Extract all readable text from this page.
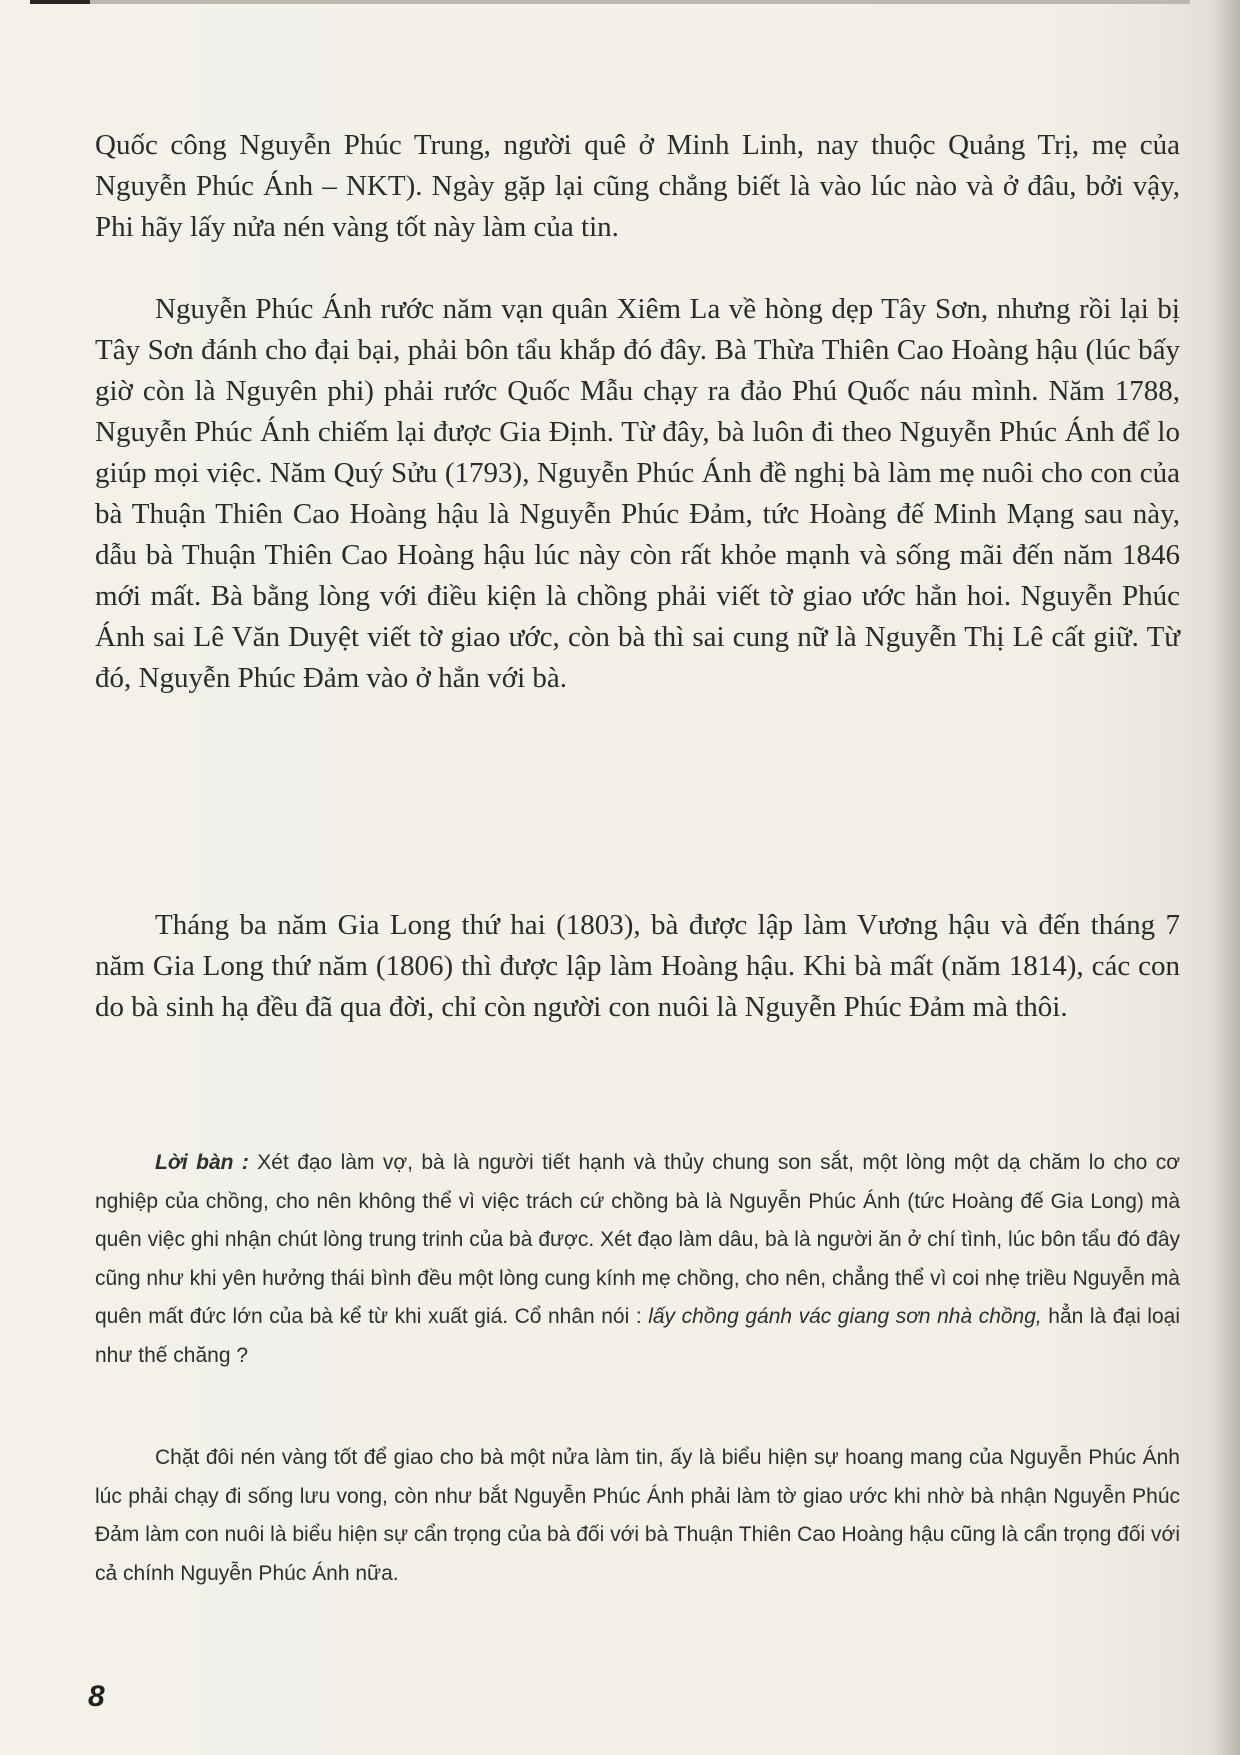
Quốc công Nguyễn Phúc Trung, người quê ở Minh Linh, nay thuộc Quảng Trị, mẹ của Nguyễn Phúc Ánh – NKT). Ngày gặp lại cũng chẳng biết là vào lúc nào và ở đâu, bởi vậy, Phi hãy lấy nửa nén vàng tốt này làm của tin.

Nguyễn Phúc Ánh rước năm vạn quân Xiêm La về hòng dẹp Tây Sơn, nhưng rồi lại bị Tây Sơn đánh cho đại bại, phải bôn tẩu khắp đó đây. Bà Thừa Thiên Cao Hoàng hậu (lúc bấy giờ còn là Nguyên phi) phải rước Quốc Mẫu chạy ra đảo Phú Quốc náu mình. Năm 1788, Nguyễn Phúc Ánh chiếm lại được Gia Định. Từ đây, bà luôn đi theo Nguyễn Phúc Ánh để lo giúp mọi việc. Năm Quý Sửu (1793), Nguyễn Phúc Ánh đề nghị bà làm mẹ nuôi cho con của bà Thuận Thiên Cao Hoàng hậu là Nguyễn Phúc Đảm, tức Hoàng đế Minh Mạng sau này, dẫu bà Thuận Thiên Cao Hoàng hậu lúc này còn rất khỏe mạnh và sống mãi đến năm 1846 mới mất. Bà bằng lòng với điều kiện là chồng phải viết tờ giao ước hẳn hoi. Nguyễn Phúc Ánh sai Lê Văn Duyệt viết tờ giao ước, còn bà thì sai cung nữ là Nguyễn Thị Lê cất giữ. Từ đó, Nguyễn Phúc Đảm vào ở hẳn với bà.

Tháng ba năm Gia Long thứ hai (1803), bà được lập làm Vương hậu và đến tháng 7 năm Gia Long thứ năm (1806) thì được lập làm Hoàng hậu. Khi bà mất (năm 1814), các con do bà sinh hạ đều đã qua đời, chỉ còn người con nuôi là Nguyễn Phúc Đảm mà thôi.

Lời bàn : Xét đạo làm vợ, bà là người tiết hạnh và thủy chung son sắt, một lòng một dạ chăm lo cho cơ nghiệp của chồng, cho nên không thể vì việc trách cứ chồng bà là Nguyễn Phúc Ánh (tức Hoàng đế Gia Long) mà quên việc ghi nhận chút lòng trung trinh của bà được. Xét đạo làm dâu, bà là người ăn ở chí tình, lúc bôn tẩu đó đây cũng như khi yên hưởng thái bình đều một lòng cung kính mẹ chồng, cho nên, chẳng thể vì coi nhẹ triều Nguyễn mà quên mất đức lớn của bà kể từ khi xuất giá. Cổ nhân nói : lấy chồng gánh vác giang sơn nhà chồng, hẳn là đại loại như thế chăng ?

Chặt đôi nén vàng tốt để giao cho bà một nửa làm tin, ấy là biểu hiện sự hoang mang của Nguyễn Phúc Ánh lúc phải chạy đi sống lưu vong, còn như bắt Nguyễn Phúc Ánh phải làm tờ giao ước khi nhờ bà nhận Nguyễn Phúc Đảm làm con nuôi là biểu hiện sự cẩn trọng của bà đối với bà Thuận Thiên Cao Hoàng hậu cũng là cẩn trọng đối với cả chính Nguyễn Phúc Ánh nữa.

8
